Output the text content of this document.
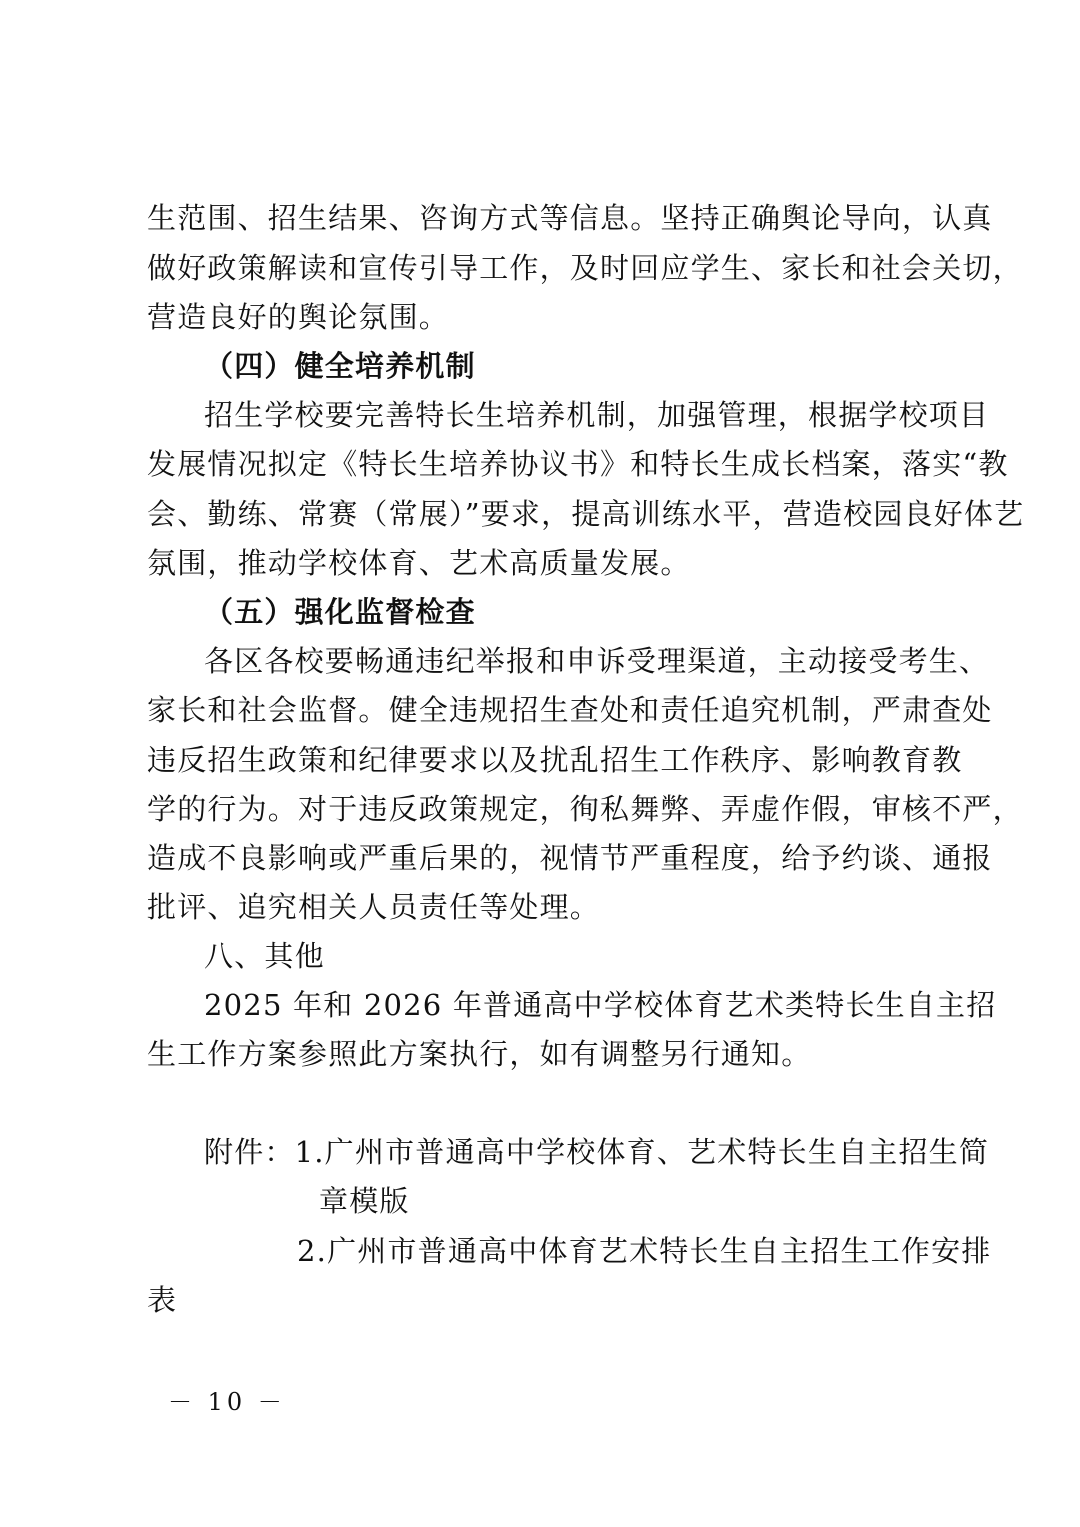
生范围、招生结果、咨询方式等信息。坚持正确舆论导向，认真
做好政策解读和宣传引导工作，及时回应学生、家长和社会关切，
营造良好的舆论氛围。
（四）健全培养机制
招生学校要完善特长生培养机制，加强管理，根据学校项目
发展情况拟定《特长生培养协议书》和特长生成长档案，落实“教
会、勤练、常赛（常展）”要求，提高训练水平，营造校园良好体艺
氛围，推动学校体育、艺术高质量发展。
（五）强化监督检查
各区各校要畅通违纪举报和申诉受理渠道，主动接受考生、
家长和社会监督。健全违规招生查处和责任追究机制，严肃查处
违反招生政策和纪律要求以及扰乱招生工作秩序、影响教育教
学的行为。对于违反政策规定，徇私舞弊、弄虚作假，审核不严，
造成不良影响或严重后果的，视情节严重程度，给予约谈、通报
批评、追究相关人员责任等处理。
八、其他
2025 年和 2026 年普通高中学校体育艺术类特长生自主招
生工作方案参照此方案执行，如有调整另行通知。
附件：1.广州市普通高中学校体育、艺术特长生自主招生简
章模版
2.广州市普通高中体育艺术特长生自主招生工作安排
表
－ 10 －
